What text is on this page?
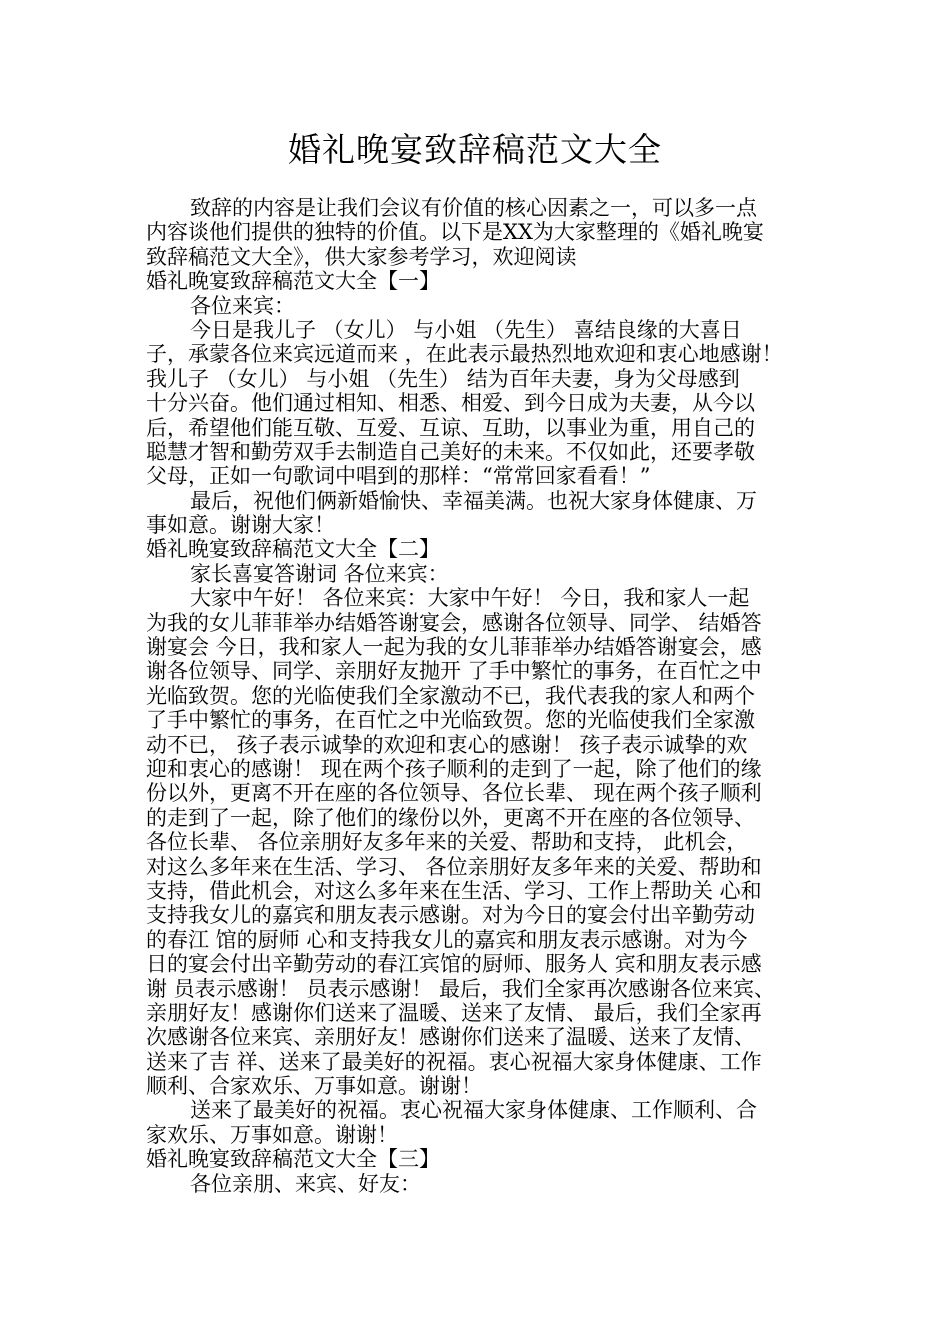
婚礼晚宴致辞稿范文大全
致辞的内容是让我们会议有价值的核心因素之一，可以多一点
内容谈他们提供的独特的价值。以下是XX为大家整理的《婚礼晚宴
致辞稿范文大全》，供大家参考学习，欢迎阅读
婚礼晚宴致辞稿范文大全【一】
各位来宾：
今日是我儿子 （女儿） 与小姐 （先生） 喜结良缘的大喜日
子，承蒙各位来宾远道而来 ，在此表示最热烈地欢迎和衷心地感谢！
我儿子 （女儿） 与小姐 （先生） 结为百年夫妻，身为父母感到
十分兴奋。他们通过相知、相悉、相爱、到今日成为夫妻，从今以
后，希望他们能互敬、互爱、互谅、互助，以事业为重，用自己的
聪慧才智和勤劳双手去制造自己美好的未来。不仅如此，还要孝敬
父母，正如一句歌词中唱到的那样：“常常回家看看！”
最后，祝他们俩新婚愉快、幸福美满。也祝大家身体健康、万
事如意。谢谢大家！
婚礼晚宴致辞稿范文大全【二】
家长喜宴答谢词 各位来宾：
大家中午好！ 各位来宾：大家中午好！ 今日，我和家人一起
为我的女儿菲菲举办结婚答谢宴会，感谢各位领导、同学、 结婚答
谢宴会 今日，我和家人一起为我的女儿菲菲举办结婚答谢宴会，感
谢各位领导、同学、亲朋好友抛开 了手中繁忙的事务，在百忙之中
光临致贺。您的光临使我们全家激动不已，我代表我的家人和两个
了手中繁忙的事务，在百忙之中光临致贺。您的光临使我们全家激
动不已， 孩子表示诚挚的欢迎和衷心的感谢！ 孩子表示诚挚的欢
迎和衷心的感谢！ 现在两个孩子顺利的走到了一起，除了他们的缘
份以外，更离不开在座的各位领导、各位长辈、 现在两个孩子顺利
的走到了一起，除了他们的缘份以外，更离不开在座的各位领导、
各位长辈、 各位亲朋好友多年来的关爱、帮助和支持， 此机会，
对这么多年来在生活、学习、 各位亲朋好友多年来的关爱、帮助和
支持，借此机会，对这么多年来在生活、学习、工作上帮助关 心和
支持我女儿的嘉宾和朋友表示感谢。对为今日的宴会付出辛勤劳动
的春江 馆的厨师 心和支持我女儿的嘉宾和朋友表示感谢。对为今
日的宴会付出辛勤劳动的春江宾馆的厨师、服务人 宾和朋友表示感
谢 员表示感谢！ 员表示感谢！ 最后，我们全家再次感谢各位来宾、
亲朋好友！感谢你们送来了温暖、送来了友情、 最后，我们全家再
次感谢各位来宾、亲朋好友！感谢你们送来了温暖、送来了友情、
送来了吉 祥、送来了最美好的祝福。衷心祝福大家身体健康、工作
顺利、合家欢乐、万事如意。谢谢！
送来了最美好的祝福。衷心祝福大家身体健康、工作顺利、合
家欢乐、万事如意。谢谢！
婚礼晚宴致辞稿范文大全【三】
各位亲朋、来宾、好友：
